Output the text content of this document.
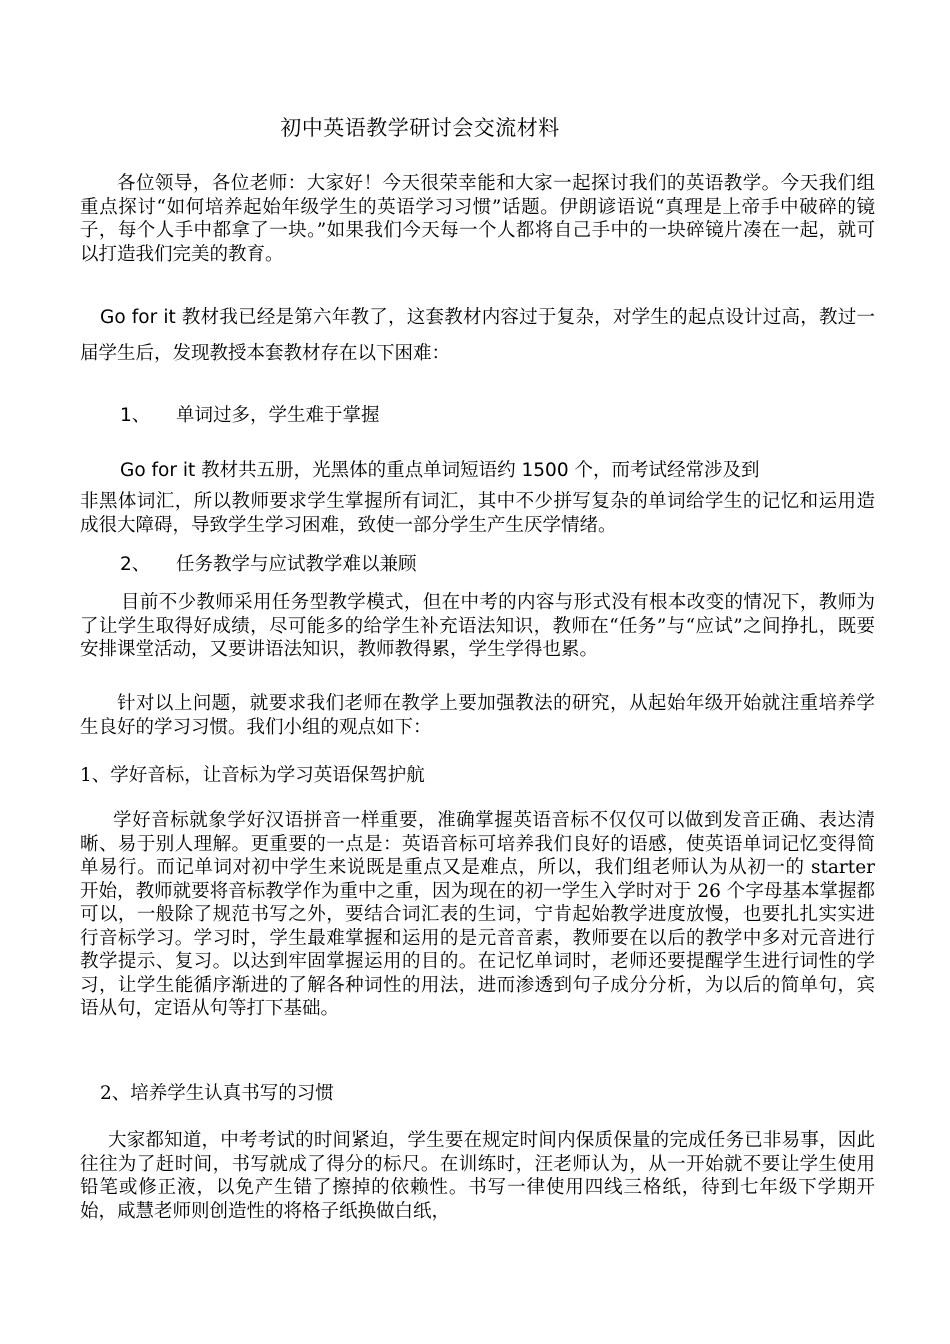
初中英语教学研讨会交流材料

各位领导，各位老师：大家好！今天很荣幸能和大家一起探讨我们的英语教学。今天我们组重点探讨“如何培养起始年级学生的英语学习习惯”话题。伊朗谚语说“真理是上帝手中破碎的镜子，每个人手中都拿了一块。”如果我们今天每一个人都将自己手中的一块碎镜片凑在一起，就可以打造我们完美的教育。

Go for it 教材我已经是第六年教了，这套教材内容过于复杂，对学生的起点设计过高，教过一届学生后，发现教授本套教材存在以下困难：

1、 单词过多，学生难于掌握

Go for it 教材共五册，光黑体的重点单词短语约 1500 个，而考试经常涉及到

非黑体词汇，所以教师要求学生掌握所有词汇，其中不少拼写复杂的单词给学生的记忆和运用造成很大障碍，导致学生学习困难，致使一部分学生产生厌学情绪。

2、 任务教学与应试教学难以兼顾

目前不少教师采用任务型教学模式，但在中考的内容与形式没有根本改变的情况下，教师为了让学生取得好成绩，尽可能多的给学生补充语法知识，教师在“任务”与“应试”之间挣扎，既要安排课堂活动，又要讲语法知识，教师教得累，学生学得也累。

针对以上问题，就要求我们老师在教学上要加强教法的研究，从起始年级开始就注重培养学生良好的学习习惯。我们小组的观点如下：

1、学好音标，让音标为学习英语保驾护航

学好音标就象学好汉语拼音一样重要，准确掌握英语音标不仅仅可以做到发音正确、表达清晰、易于别人理解。更重要的一点是：英语音标可培养我们良好的语感，使英语单词记忆变得简单易行。而记单词对初中学生来说既是重点又是难点，所以，我们组老师认为从初一的 starter 开始，教师就要将音标教学作为重中之重，因为现在的初一学生入学时对于 26 个字母基本掌握都可以，一般除了规范书写之外，要结合词汇表的生词，宁肯起始教学进度放慢，也要扎扎实实进行音标学习。学习时，学生最难掌握和运用的是元音音素，教师要在以后的教学中多对元音进行教学提示、复习。以达到牢固掌握运用的目的。在记忆单词时，老师还要提醒学生进行词性的学习，让学生能循序渐进的了解各种词性的用法，进而渗透到句子成分分析，为以后的简单句，宾语从句，定语从句等打下基础。

2、培养学生认真书写的习惯

大家都知道，中考考试的时间紧迫，学生要在规定时间内保质保量的完成任务已非易事，因此往往为了赶时间，书写就成了得分的标尺。在训练时，汪老师认为，从一开始就不要让学生使用铅笔或修正液，以免产生错了擦掉的依赖性。书写一律使用四线三格纸，待到七年级下学期开始，咸慧老师则创造性的将格子纸换做白纸，
